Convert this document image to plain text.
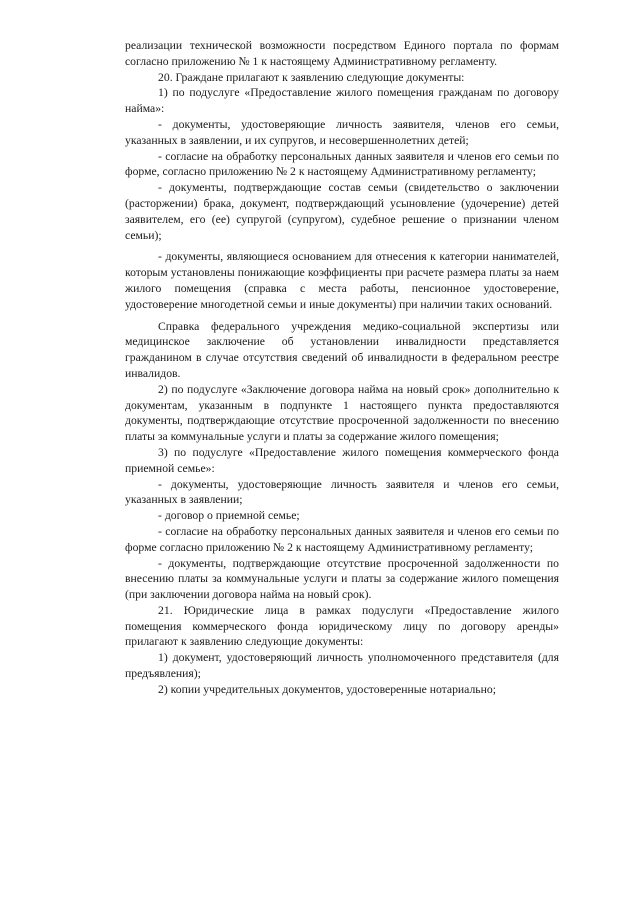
реализации технической возможности посредством Единого портала по формам согласно приложению № 1 к настоящему Административному регламенту.

20. Граждане прилагают к заявлению следующие документы:

1) по подуслуге «Предоставление жилого помещения гражданам по договору найма»:

- документы, удостоверяющие личность заявителя, членов его семьи, указанных в заявлении, и их супругов, и несовершеннолетних детей;

- согласие на обработку персональных данных заявителя и членов его семьи по форме, согласно приложению № 2 к настоящему Административному регламенту;

- документы, подтверждающие состав семьи (свидетельство о заключении (расторжении) брака, документ, подтверждающий усыновление (удочерение) детей заявителем, его (ее) супругой (супругом), судебное решение о признании членом семьи);

- документы, являющиеся основанием для отнесения к категории нанимателей, которым установлены понижающие коэффициенты при расчете размера платы за наем жилого помещения (справка с места работы, пенсионное удостоверение, удостоверение многодетной семьи и иные документы) при наличии таких оснований.

Справка федерального учреждения медико-социальной экспертизы или медицинское заключение об установлении инвалидности представляется гражданином в случае отсутствия сведений об инвалидности в федеральном реестре инвалидов.

2) по подуслуге «Заключение договора найма на новый срок» дополнительно к документам, указанным в подпункте 1 настоящего пункта предоставляются документы, подтверждающие отсутствие просроченной задолженности по внесению платы за коммунальные услуги и платы за содержание жилого помещения;

3) по подуслуге «Предоставление жилого помещения коммерческого фонда приемной семье»:

- документы, удостоверяющие личность заявителя и членов его семьи, указанных в заявлении;

- договор о приемной семье;

- согласие на обработку персональных данных заявителя и членов его семьи по форме согласно приложению № 2 к настоящему Административному регламенту;

- документы, подтверждающие отсутствие просроченной задолженности по внесению платы за коммунальные услуги и платы за содержание жилого помещения (при заключении договора найма на новый срок).

21. Юридические лица в рамках подуслуги «Предоставление жилого помещения коммерческого фонда юридическому лицу по договору аренды» прилагают к заявлению следующие документы:

1) документ, удостоверяющий личность уполномоченного представителя (для предъявления);

2) копии учредительных документов, удостоверенные нотариально;
